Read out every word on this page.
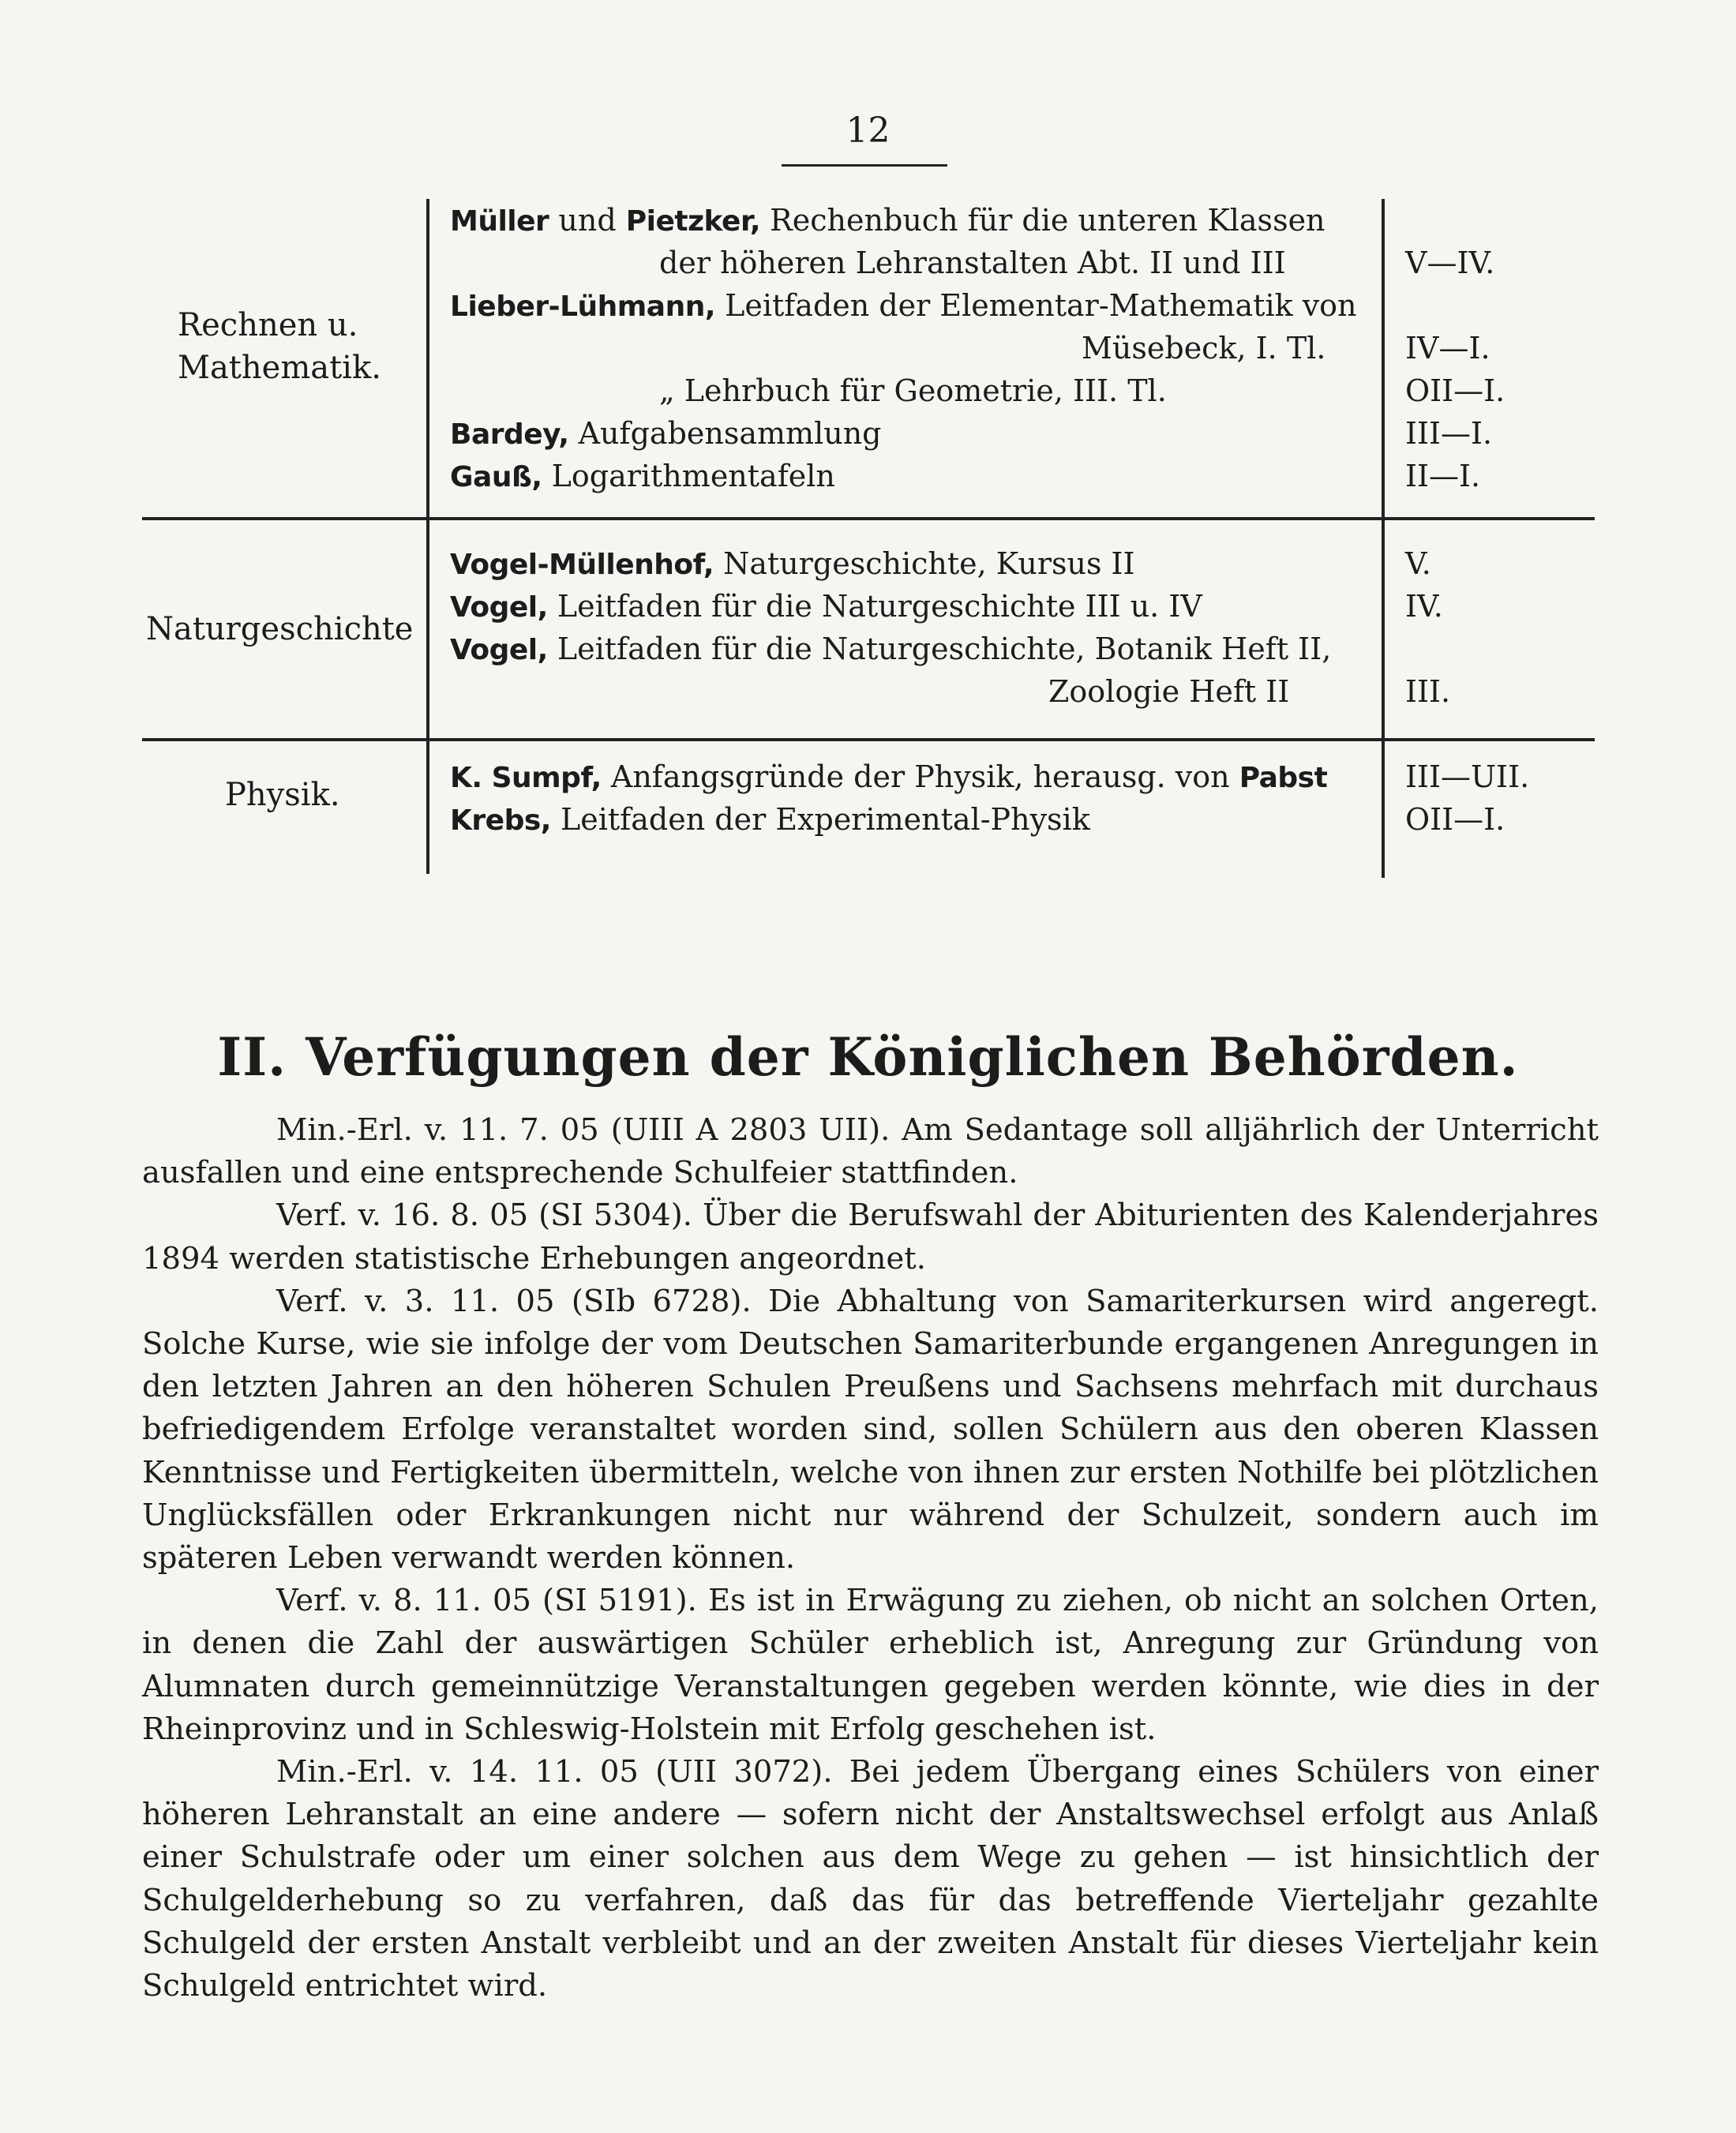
12
Rechnen u.
Mathematik.
Müller und Pietzker, Rechenbuch für die unteren Klassen
der höheren Lehranstalten Abt. II und III
Lieber-Lühmann, Leitfaden der Elementar-Mathematik von
Müsebeck, I. Tl.
„ Lehrbuch für Geometrie, III. Tl.
Bardey, Aufgabensammlung
Gauß, Logarithmentafeln
V—IV.
IV—I.
OII—I.
III—I.
II—I.
Naturgeschichte
Vogel-Müllenhof, Naturgeschichte, Kursus II
Vogel, Leitfaden für die Naturgeschichte III u. IV
Vogel, Leitfaden für die Naturgeschichte, Botanik Heft II,
Zoologie Heft II
V.
IV.
III.
Physik.	K. Sumpf, Anfangsgründe der Physik, herausg. von Pabst
Krebs, Leitfaden der Experimental-Physik
III—UII.
OII—I.
II. Verfügungen der Königlichen Behörden.

Min.-Erl. v. 11. 7. 05 (UIII A 2803 UII). Am Sedantage soll alljährlich der Unterricht ausfallen und eine entsprechende Schulfeier stattfinden.

Verf. v. 16. 8. 05 (SI 5304). Über die Berufswahl der Abiturienten des Kalenderjahres 1894 werden statistische Erhebungen angeordnet.

Verf. v. 3. 11. 05 (SIb 6728). Die Abhaltung von Samariterkursen wird angeregt. Solche Kurse, wie sie infolge der vom Deutschen Samariterbunde ergangenen Anregungen in den letzten Jahren an den höheren Schulen Preußens und Sachsens mehrfach mit durchaus befriedigendem Erfolge veranstaltet worden sind, sollen Schülern aus den oberen Klassen Kenntnisse und Fertigkeiten übermitteln, welche von ihnen zur ersten Nothilfe bei plötzlichen Unglücksfällen oder Erkrankungen nicht nur während der Schulzeit, sondern auch im späteren Leben verwandt werden können.

Verf. v. 8. 11. 05 (SI 5191). Es ist in Erwägung zu ziehen, ob nicht an solchen Orten, in denen die Zahl der auswärtigen Schüler erheblich ist, Anregung zur Gründung von Alumnaten durch gemeinnützige Veranstaltungen gegeben werden könnte, wie dies in der Rheinprovinz und in Schleswig-Holstein mit Erfolg geschehen ist.

Min.-Erl. v. 14. 11. 05 (UII 3072). Bei jedem Übergang eines Schülers von einer höheren Lehranstalt an eine andere — sofern nicht der Anstaltswechsel erfolgt aus Anlaß einer Schulstrafe oder um einer solchen aus dem Wege zu gehen — ist hinsichtlich der Schulgelderhebung so zu verfahren, daß das für das betreffende Vierteljahr gezahlte Schulgeld der ersten Anstalt verbleibt und an der zweiten Anstalt für dieses Vierteljahr kein Schulgeld entrichtet wird.
